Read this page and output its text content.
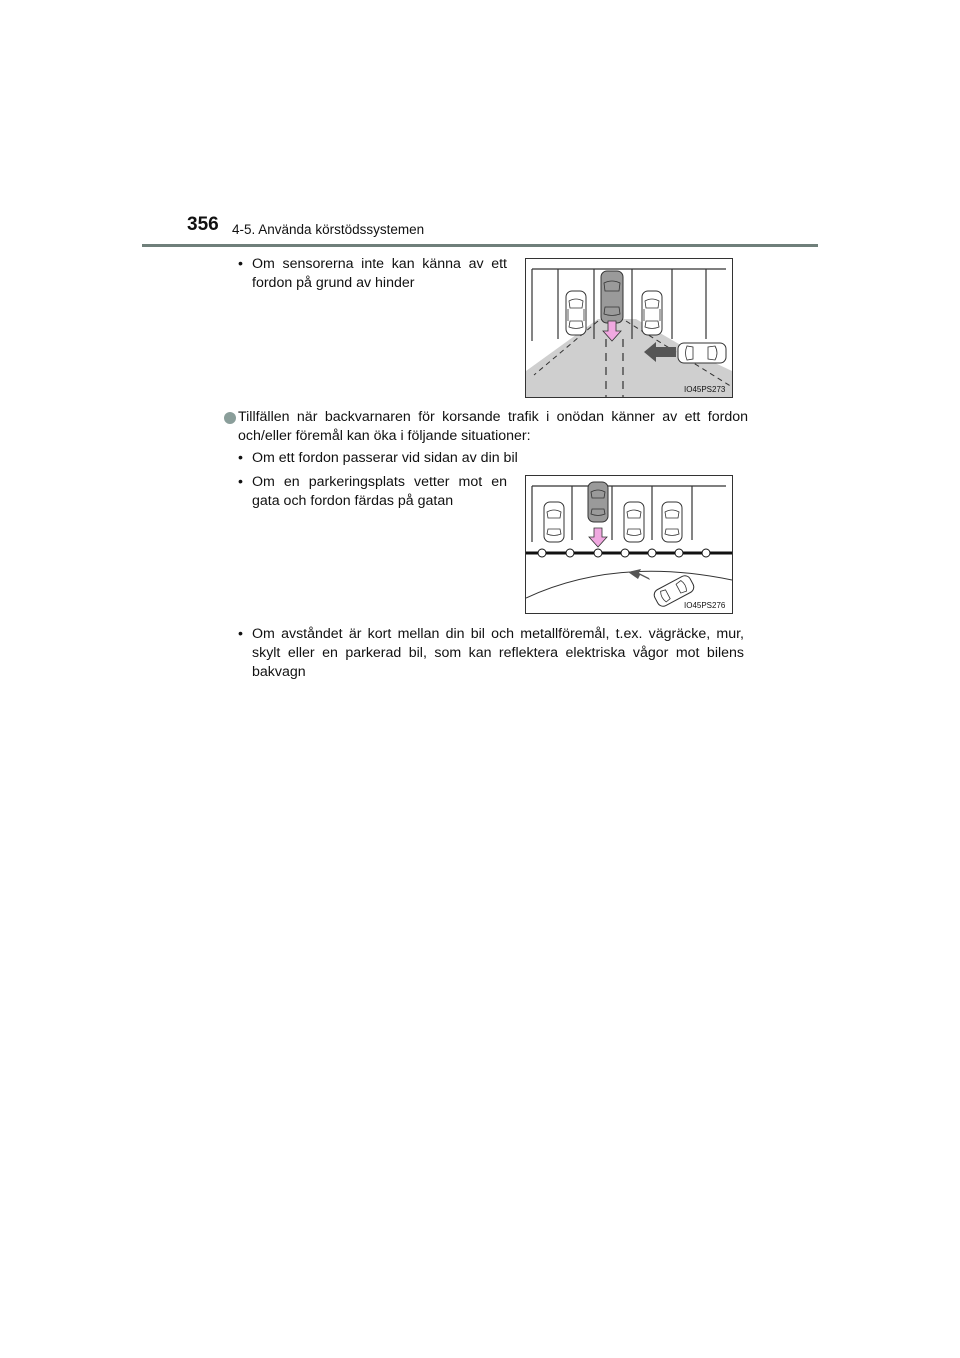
356 4-5. Använda körstödssystemen
• Om sensorerna inte kan känna av ett fordon på grund av hinder
IO45PS273
Tillfällen när backvarnaren för korsande trafik i onödan känner av ett fordon och/eller föremål kan öka i följande situationer:
• Om ett fordon passerar vid sidan av din bil
• Om en parkeringsplats vetter mot en gata och fordon färdas på gatan
IO45PS276
• Om avståndet är kort mellan din bil och metallföremål, t.ex. vägräcke, mur, skylt eller en parkerad bil, som kan reflektera elektriska vågor mot bilens bakvagn
